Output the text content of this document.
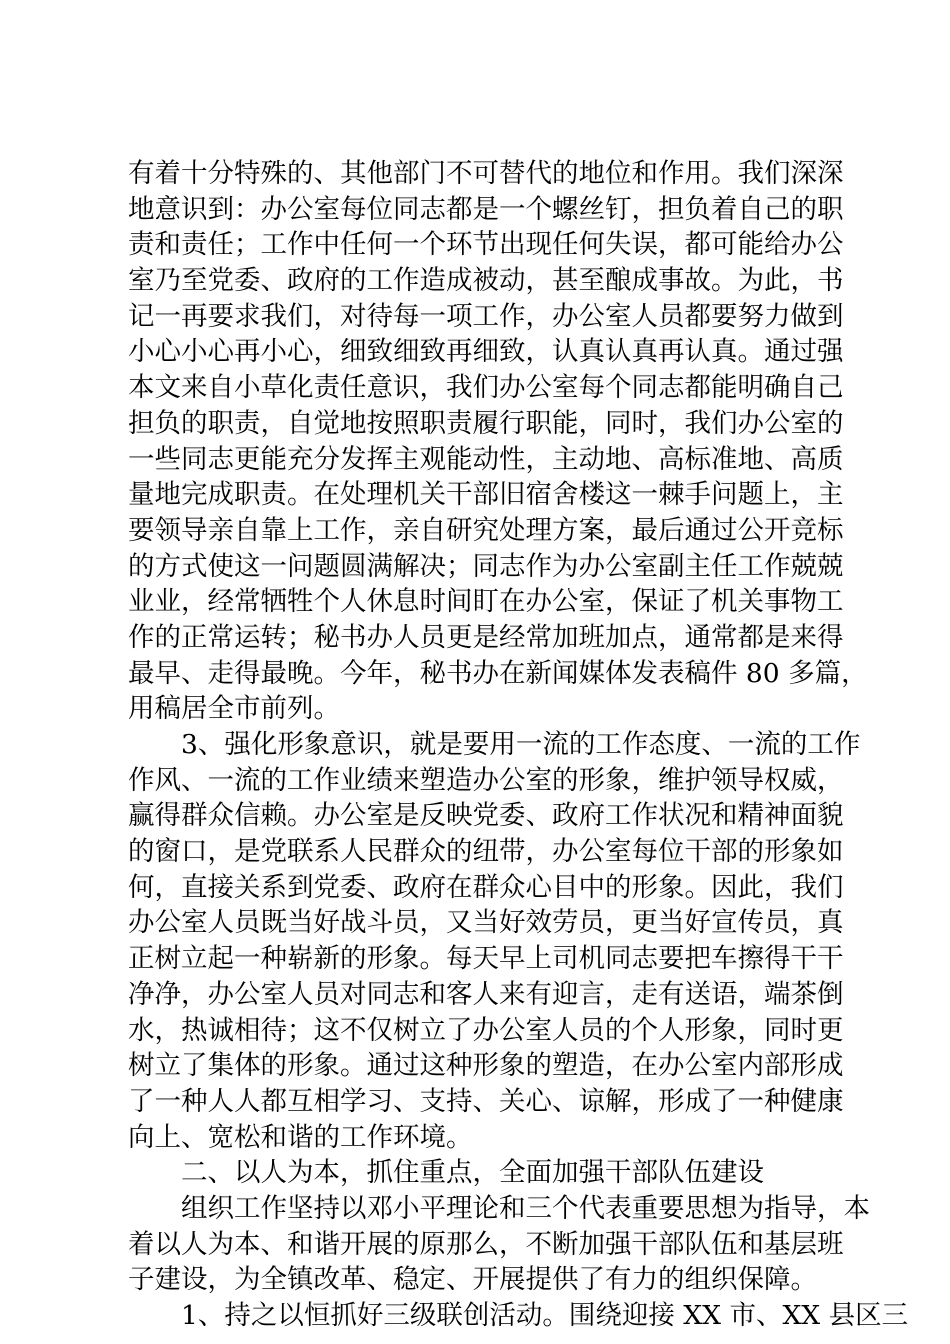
有着十分特殊的、其他部门不可替代的地位和作用。我们深深
地意识到：办公室每位同志都是一个螺丝钉，担负着自己的职
责和责任；工作中任何一个环节出现任何失误，都可能给办公
室乃至党委、政府的工作造成被动，甚至酿成事故。为此，书
记一再要求我们，对待每一项工作，办公室人员都要努力做到
小心小心再小心，细致细致再细致，认真认真再认真。通过强
本文来自小草化责任意识，我们办公室每个同志都能明确自己
担负的职责，自觉地按照职责履行职能，同时，我们办公室的
一些同志更能充分发挥主观能动性，主动地、高标准地、高质
量地完成职责。在处理机关干部旧宿舍楼这一棘手问题上，主
要领导亲自靠上工作，亲自研究处理方案，最后通过公开竞标
的方式使这一问题圆满解决；同志作为办公室副主任工作兢兢
业业，经常牺牲个人休息时间盯在办公室，保证了机关事物工
作的正常运转；秘书办人员更是经常加班加点，通常都是来得
最早、走得最晚。今年，秘书办在新闻媒体发表稿件 80 多篇，
用稿居全市前列。
3、强化形象意识，就是要用一流的工作态度、一流的工作
作风、一流的工作业绩来塑造办公室的形象，维护领导权威，
赢得群众信赖。办公室是反映党委、政府工作状况和精神面貌
的窗口，是党联系人民群众的纽带，办公室每位干部的形象如
何，直接关系到党委、政府在群众心目中的形象。因此，我们
办公室人员既当好战斗员，又当好效劳员，更当好宣传员，真
正树立起一种崭新的形象。每天早上司机同志要把车擦得干干
净净，办公室人员对同志和客人来有迎言，走有送语，端茶倒
水，热诚相待；这不仅树立了办公室人员的个人形象，同时更
树立了集体的形象。通过这种形象的塑造，在办公室内部形成
了一种人人都互相学习、支持、关心、谅解，形成了一种健康
向上、宽松和谐的工作环境。
二、以人为本，抓住重点，全面加强干部队伍建设
组织工作坚持以邓小平理论和三个代表重要思想为指导，本
着以人为本、和谐开展的原那么，不断加强干部队伍和基层班
子建设，为全镇改革、稳定、开展提供了有力的组织保障。
1、持之以恒抓好三级联创活动。围绕迎接 XX 市、XX 县区三
